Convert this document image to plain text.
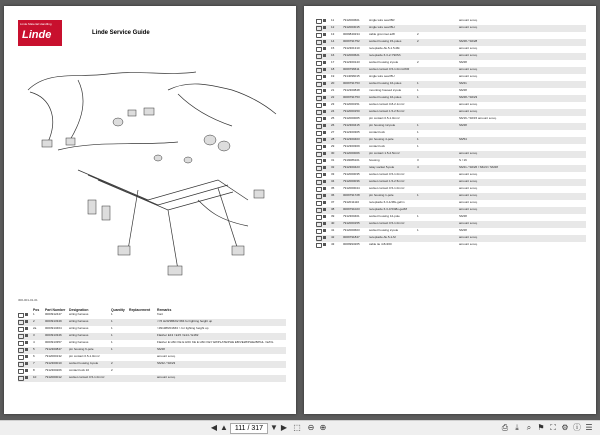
Linde Material Handling
Linde	Linde Service Guide
300-001-01-01
		Pos	Part Number	Designation	Quantity	Replacement	Remarks
		1	0003912447	wiring harness	1		front
		2	0003913349	wiring harness	1		<=5 H20/386/02 684 for lighting height up
		2a	0003913464	wiring harness	1		>391386/01663 > for lighting height up
		3	0003913346	wiring harness	1		Flasher E13 / E15 / E14 / E182
		4	0003913357	wiring harness	1		Flasher E H6C KE E H6C KE E H6C KEY E8/PLATE/PHE EB/VE28/PHE28/PHL / E/I/IL
		5	7912300847	pin housing 6-pole	1		S6/28
		6	7912000132	pin contact 0.5-1.0mm²			amount a.req.
		7	7912300010	socket housing 4-pole	2		S6/22 / S6/23
		8	7912300206	contact lock 10	2		
		10	7912000012	socket contact 0.5-1.0mm²			amount a.req.
		11	7912000601	single wire seal BR			amount a.req.
		12	7912003015	single wire seal BH			amount a.req.
		13	0009840234	cable grommet a28	2		
		14	0009791752	socket housing 15-poles	2		S6/28 / S6/28
		15	7912301310	receptacle Ak.5-1.5-Mk			amount a.req.
		16	7912000621	receptacle 6.3-2-Y90Sh			amount a.req.
		17	7912300143	socket housing 2-pole	2		S6/28
		18	0009796611	socket contact 0.5-1.0mm²/KR			amount a.req.
		19	7914096015	single wire seal BU			amount a.req.
		20	0009791753	socket housing 16-poles	1		S6/21
		21	7912300848	mounting housed 2-pole	1		S6/28
		22	0009791753	socket housing 16-poles	1		S6/28 / S6/23
		23	7912000151	socket contact 0.8-2.1mm²			amount a.req.
		24	7912000150	socket contact 1.5-2.5mm²			amount a.req.
		25	7912000005	pin contact 0.5-1.0mm²			S6/16 / S6/15 amount a.req.
		26	7912300415	pin housing 12-pole	1		S6/28
		27	7912300305	contact lock	1		
		28	7912300403	pin housing 4-pole	1		S6/54
		29	7912300309	contact lock	1		
		30	7912000006	pin contact 1.5-2.5mm²			amount a.req.
		31	7919086101	housing	3		S / 16
		32	7912300423	relay socket 5-pole	4		S6/21 / S6/26 / S6/23 / S6/28
		33	7912000035	socket contact 0.5-1.0mm²			amount a.req.
		34	7912000036	socket contact 1.5-2.5mm²			amount a.req.
		35	7912000044	socket contact 0.5-1.0mm²			amount a.req.
		36	0009791728	pin housing 1-pole	1		amount a.req.
		37	7912011110	receptacle 6.3-1/48x-gel/m			amount a.req.
		38	0009791023	receptacle 6.3-0.5/48x-gel/M			amount a.req.
		39	7912300401	socket housing 12-pole	1		S6/28
		40	7912000155	socket contact 0.5-1.0mm²			amount a.req.
		41	7912000603	socket housing 2-pole	1		S6/28
		42	0009791847	receptacle Ak.5-1-M			amount a.req.
		43	0009993265	cable tie 4.8x360			amount a.req.
◀ ▲ 111 / 317 ▼ ▶ ⬚ ⊖ ⊕	⎙ ⤓ ⌕ ⚑ ⛶ ⚙ ⓘ ☰
